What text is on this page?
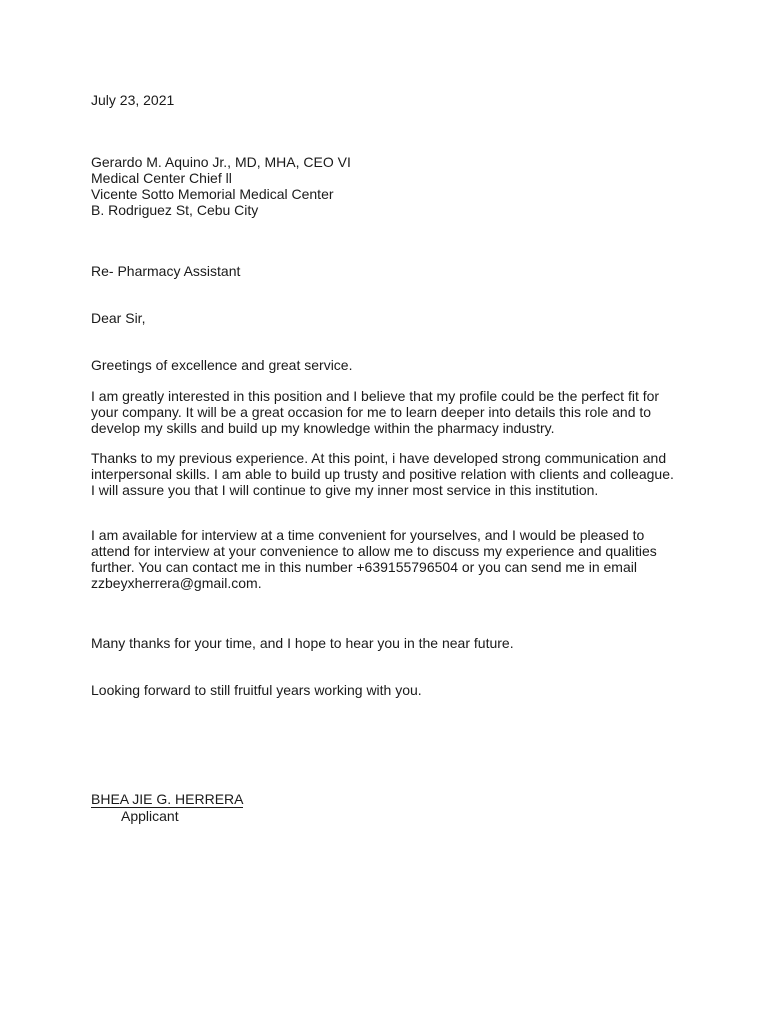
July 23, 2021

Gerardo M. Aquino Jr., MD, MHA, CEO VI
Medical Center Chief ll
Vicente Sotto Memorial Medical Center
B. Rodriguez St, Cebu City

Re- Pharmacy Assistant

Dear Sir,

Greetings of excellence and great service.

I am greatly interested in this position and I believe that my profile could be the perfect fit for
your company. It will be a great occasion for me to learn deeper into details this role and to
develop my skills and build up my knowledge within the pharmacy industry.

Thanks to my previous experience. At this point, i have developed strong communication and
interpersonal skills. I am able to build up trusty and positive relation with clients and colleague.
I will assure you that I will continue to give my inner most service in this institution.

I am available for interview at a time convenient for yourselves, and I would be pleased to
attend for interview at your convenience to allow me to discuss my experience and qualities
further. You can contact me in this number +639155796504 or you can send me in email
zzbeyxherrera@gmail.com.

Many thanks for your time, and I hope to hear you in the near future.

Looking forward to still fruitful years working with you.

BHEA JIE G. HERRERA
Applicant
